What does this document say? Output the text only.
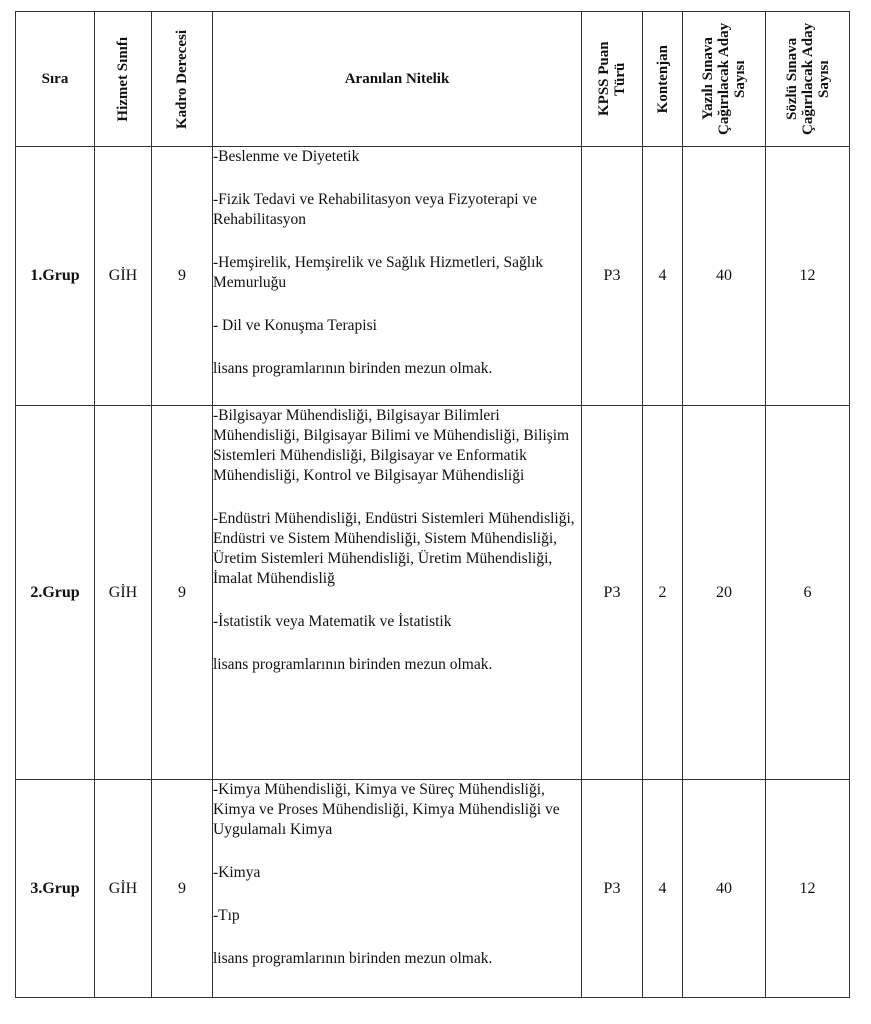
Sıra	Hizmet Sınıfı	Kadro Derecesi	Aranılan Nitelik	KPSS Puan Türü	Kontenjan	Yazılı Sınava Çağırılacak Aday Sayısı	Sözlü Sınava Çağırılacak Aday Sayısı

1.Grup	GİH	9	-Beslenme ve Diyetetik

-Fizik Tedavi ve Rehabilitasyon veya Fizyoterapi ve Rehabilitasyon

-Hemşirelik, Hemşirelik ve Sağlık Hizmetleri, Sağlık Memurluğu

- Dil ve Konuşma Terapisi

lisans programlarının birinden mezun olmak.	P3	4	40	12
2.Grup	GİH	9	-Bilgisayar Mühendisliği, Bilgisayar Bilimleri Mühendisliği, Bilgisayar Bilimi ve Mühendisliği, Bilişim Sistemleri Mühendisliği, Bilgisayar ve Enformatik Mühendisliği, Kontrol ve Bilgisayar Mühendisliği

-Endüstri Mühendisliği, Endüstri Sistemleri Mühendisliği, Endüstri ve Sistem Mühendisliği, Sistem Mühendisliği, Üretim Sistemleri Mühendisliği, Üretim Mühendisliği, İmalat Mühendisliğ

-İstatistik veya Matematik ve İstatistik

lisans programlarının birinden mezun olmak.	P3	2	20	6
3.Grup	GİH	9	-Kimya Mühendisliği, Kimya ve Süreç Mühendisliği, Kimya ve Proses Mühendisliği, Kimya Mühendisliği ve Uygulamalı Kimya

-Kimya

-Tıp

lisans programlarının birinden mezun olmak.	P3	4	40	12
